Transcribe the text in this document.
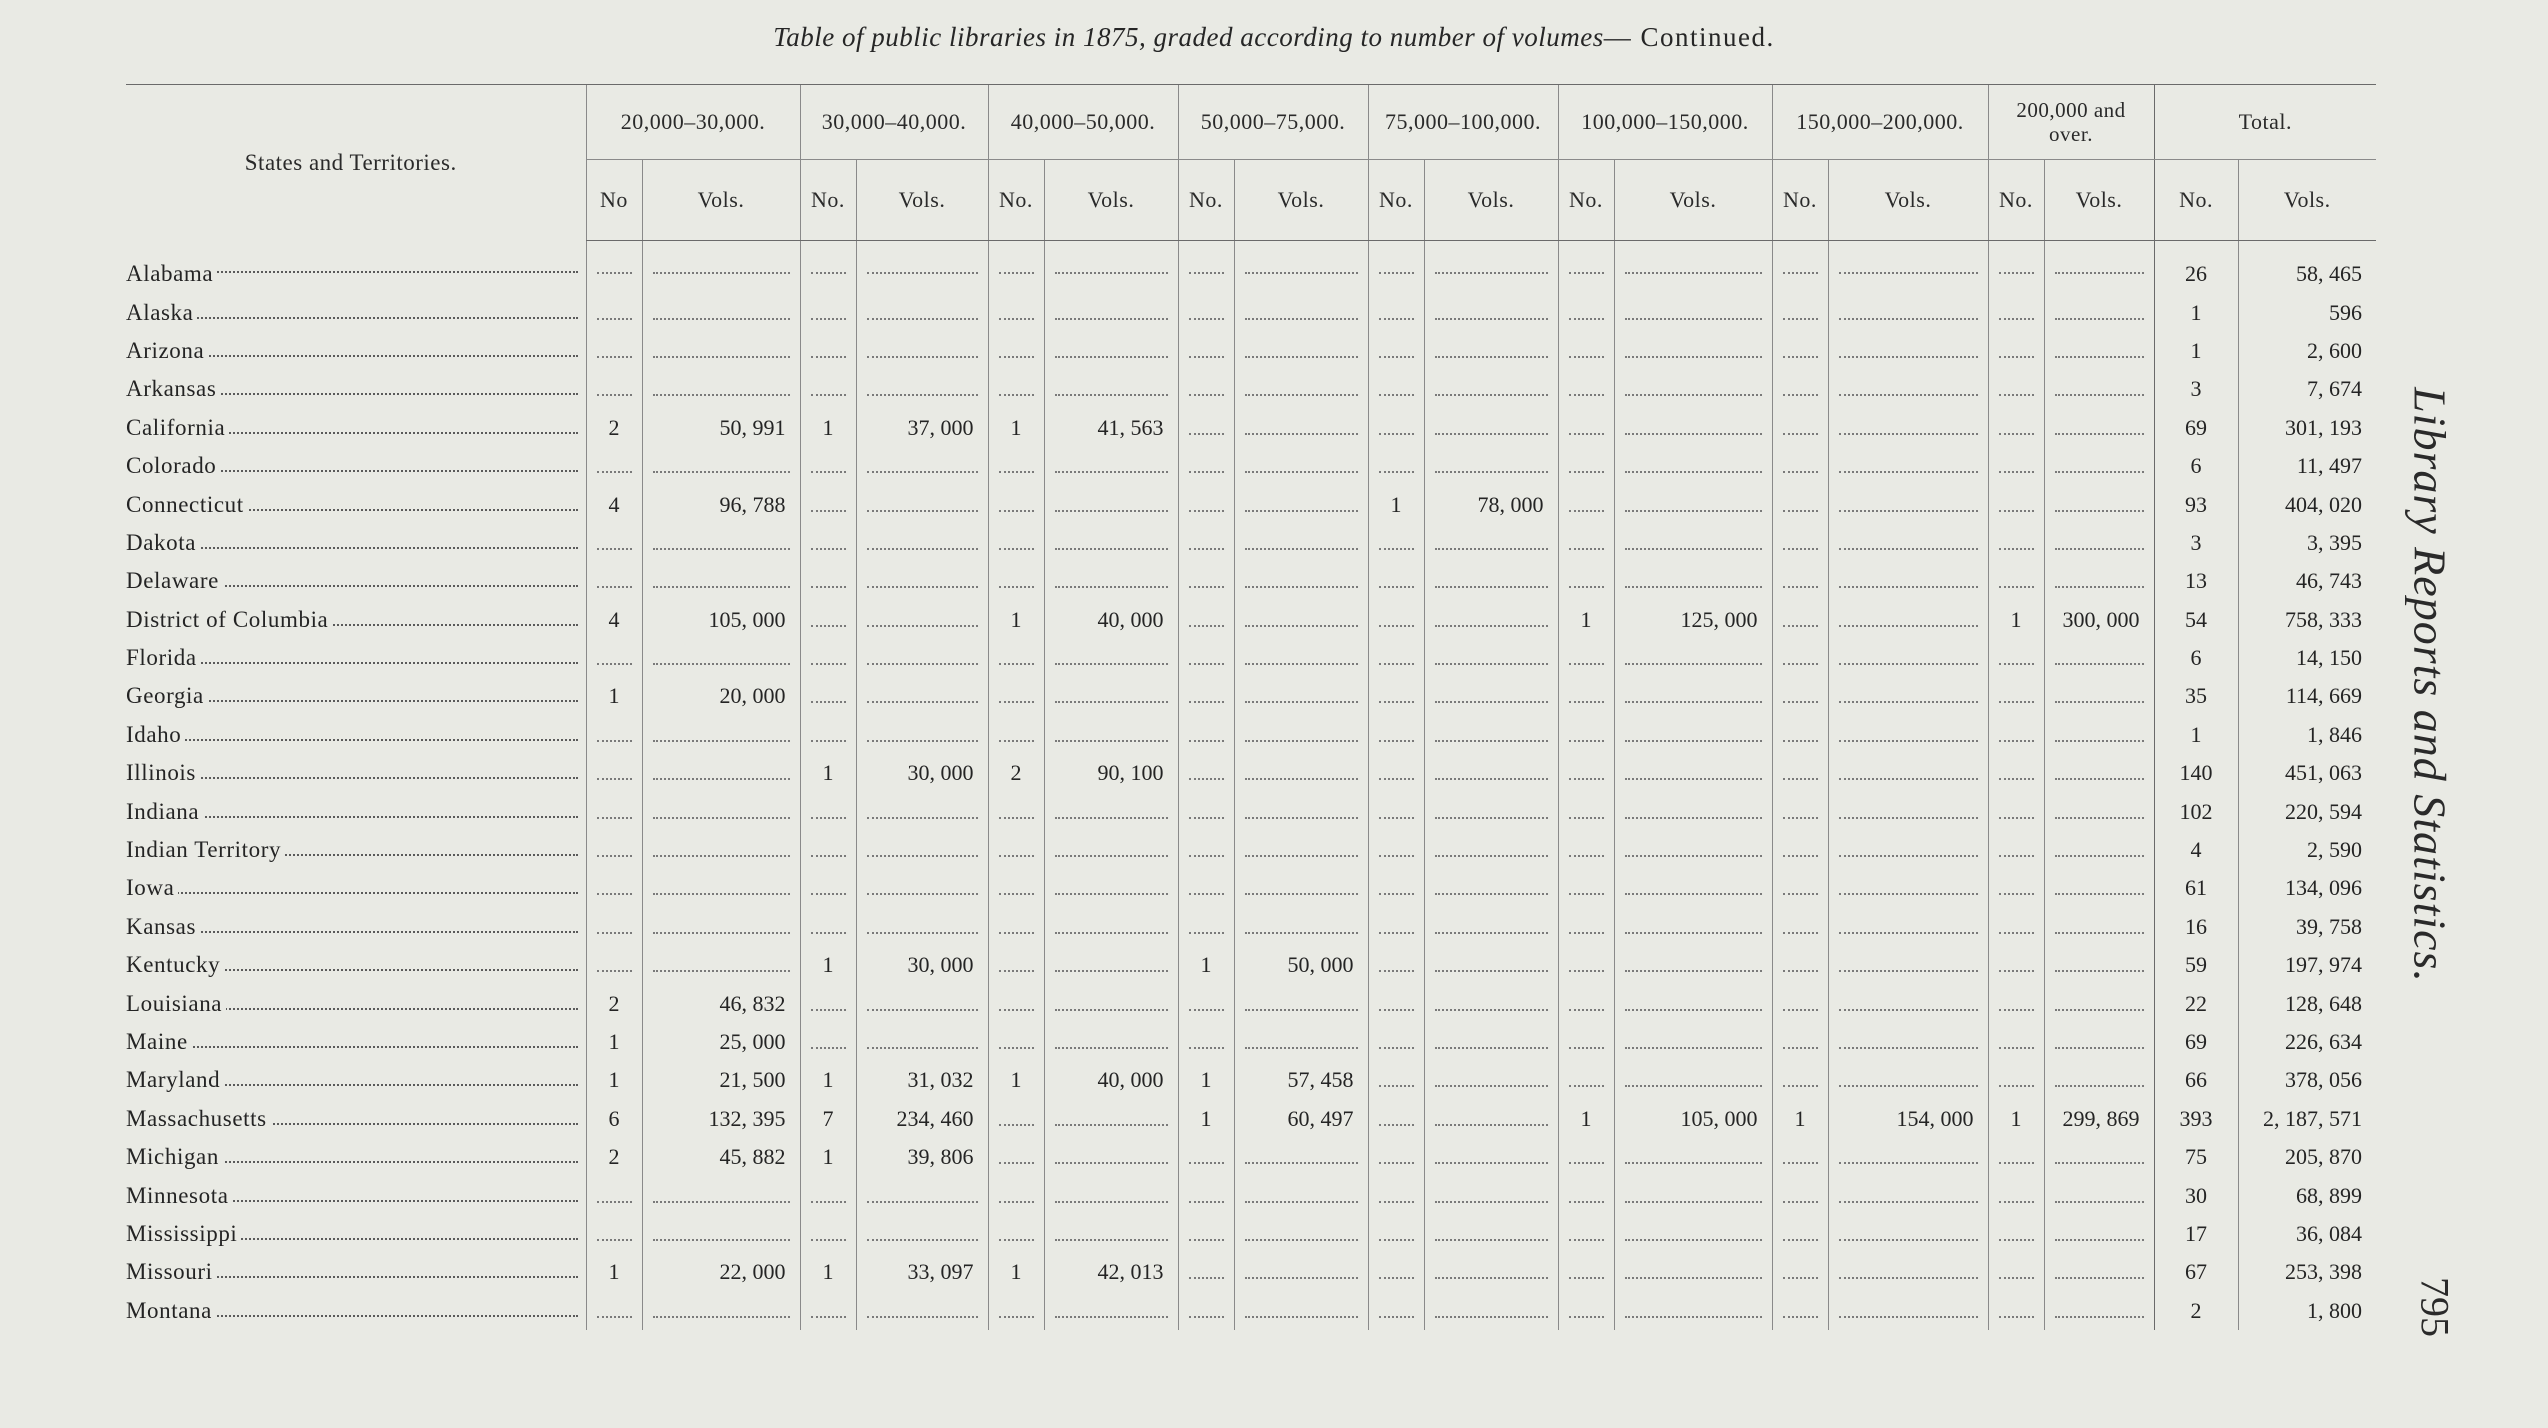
Table of public libraries in 1875, graded according to number of volumes— Continued.
States and Territories.	20,000–30,000.		30,000–40,000.		40,000–50,000.		50,000–75,000.		75,000–100,000.		100,000–150,000.		150,000–200,000.		200,000 and over.		Total.	
	No	Vols.	No.	Vols.	No.	Vols.	No.	Vols.	No.	Vols.	No.	Vols.	No.	Vols.	No.	Vols.	No.	Vols.

Alabama																	26	58, 465

Alaska																	1	596

Arizona																	1	2, 600

Arkansas																	3	7, 674

California	2	50, 991	1	37, 000	1	41, 563											69	301, 193

Colorado																	6	11, 497

Connecticut	4	96, 788							1	78, 000							93	404, 020

Dakota																	3	3, 395

Delaware																	13	46, 743

District of Columbia	4	105, 000			1	40, 000					1	125, 000			1	300, 000	54	758, 333

Florida																	6	14, 150

Georgia	1	20, 000															35	114, 669

Idaho																	1	1, 846

Illinois			1	30, 000	2	90, 100											140	451, 063

Indiana																	102	220, 594

Indian Territory																	4	2, 590

Iowa																	61	134, 096

Kansas																	16	39, 758

Kentucky			1	30, 000			1	50, 000									59	197, 974

Louisiana	2	46, 832															22	128, 648

Maine	1	25, 000															69	226, 634

Maryland	1	21, 500	1	31, 032	1	40, 000	1	57, 458									66	378, 056

Massachusetts	6	132, 395	7	234, 460			1	60, 497			1	105, 000	1	154, 000	1	299, 869	393	2, 187, 571

Michigan	2	45, 882	1	39, 806													75	205, 870

Minnesota																	30	68, 899

Mississippi																	17	36, 084

Missouri	1	22, 000	1	33, 097	1	42, 013											67	253, 398

Montana																	2	1, 800
Library Reports and Statistics.
795
